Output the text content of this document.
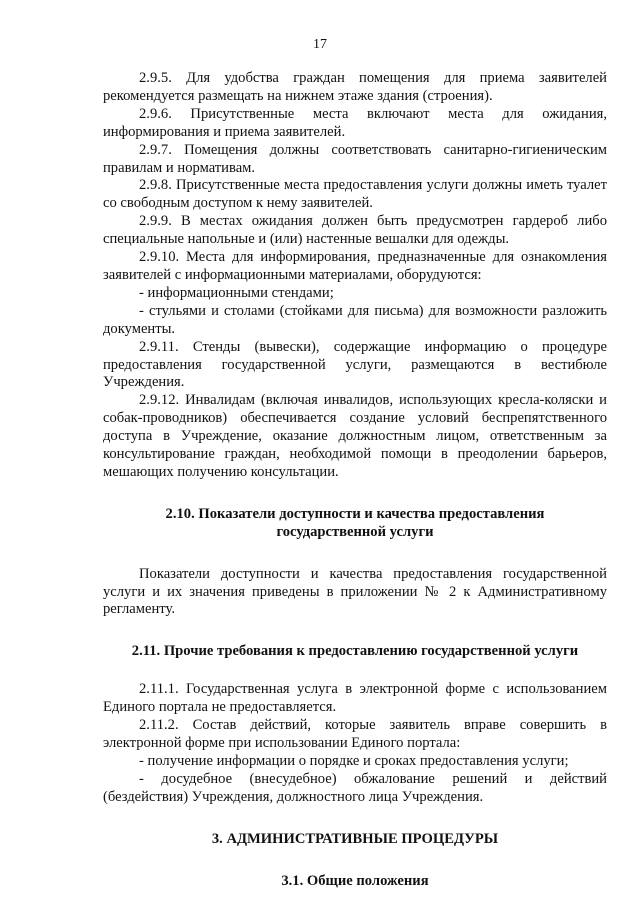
17

2.9.5. Для удобства граждан помещения для приема заявителей рекомендуется размещать на нижнем этаже здания (строения).

2.9.6. Присутственные места включают места для ожидания, информирования и приема заявителей.

2.9.7. Помещения должны соответствовать санитарно-гигиеническим правилам и нормативам.

2.9.8. Присутственные места предоставления услуги должны иметь туалет со свободным доступом к нему заявителей.

2.9.9. В местах ожидания должен быть предусмотрен гардероб либо специальные напольные и (или) настенные вешалки для одежды.

2.9.10. Места для информирования, предназначенные для ознакомления заявителей с информационными материалами, оборудуются:

- информационными стендами;

- стульями и столами (стойками для письма) для возможности разложить документы.

2.9.11. Стенды (вывески), содержащие информацию о процедуре предоставления государственной услуги, размещаются в вестибюле Учреждения.

2.9.12. Инвалидам (включая инвалидов, использующих кресла-коляски и собак-проводников) обеспечивается создание условий беспрепятственного доступа в Учреждение, оказание должностным лицом, ответственным за консультирование граждан, необходимой помощи в преодолении барьеров, мешающих получению консультации.

2.10. Показатели доступности и качества предоставления
государственной услуги

Показатели доступности и качества предоставления государственной услуги и их значения приведены в приложении № 2 к Административному регламенту.

2.11. Прочие требования к предоставлению государственной услуги

2.11.1. Государственная услуга в электронной форме с использованием Единого портала не предоставляется.

2.11.2. Состав действий, которые заявитель вправе совершить в электронной форме при использовании Единого портала:

- получение информации о порядке и сроках предоставления услуги;

- досудебное (внесудебное) обжалование решений и действий (бездействия) Учреждения, должностного лица Учреждения.

3. АДМИНИСТРАТИВНЫЕ ПРОЦЕДУРЫ
3.1. Общие положения
